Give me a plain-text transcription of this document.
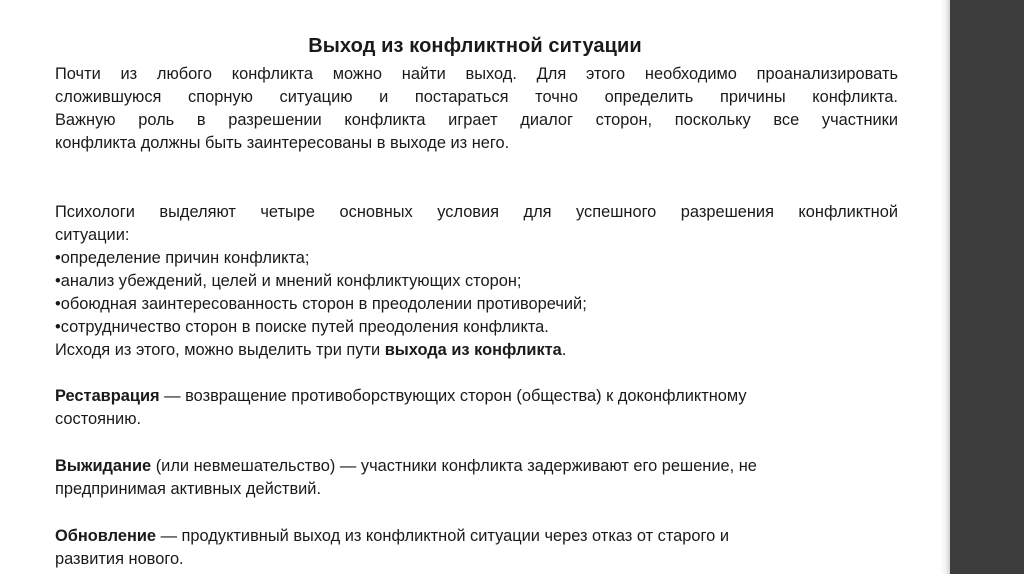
Выход из конфликтной ситуации
Почти из любого конфликта можно найти выход. Для этого необходимо проанализировать
сложившуюся спорную ситуацию и постараться точно определить причины конфликта.
Важную роль в разрешении конфликта играет диалог сторон, поскольку все участники
конфликта должны быть заинтересованы в выходе из него.
Психологи выделяют четыре основных условия для успешного разрешения конфликтной
ситуации:
•определение причин конфликта;
•анализ убеждений, целей и мнений конфликтующих сторон;
•обоюдная заинтересованность сторон в преодолении противоречий;
•сотрудничество сторон в поиске путей преодоления конфликта.
Исходя из этого, можно выделить три пути выхода из конфликта.
Реставрация — возвращение противоборствующих сторон (общества) к доконфликтному
состоянию.
Выжидание (или невмешательство) — участники конфликта задерживают его решение, не
предпринимая активных действий.
Обновление — продуктивный выход из конфликтной ситуации через отказ от старого и
развития нового.
